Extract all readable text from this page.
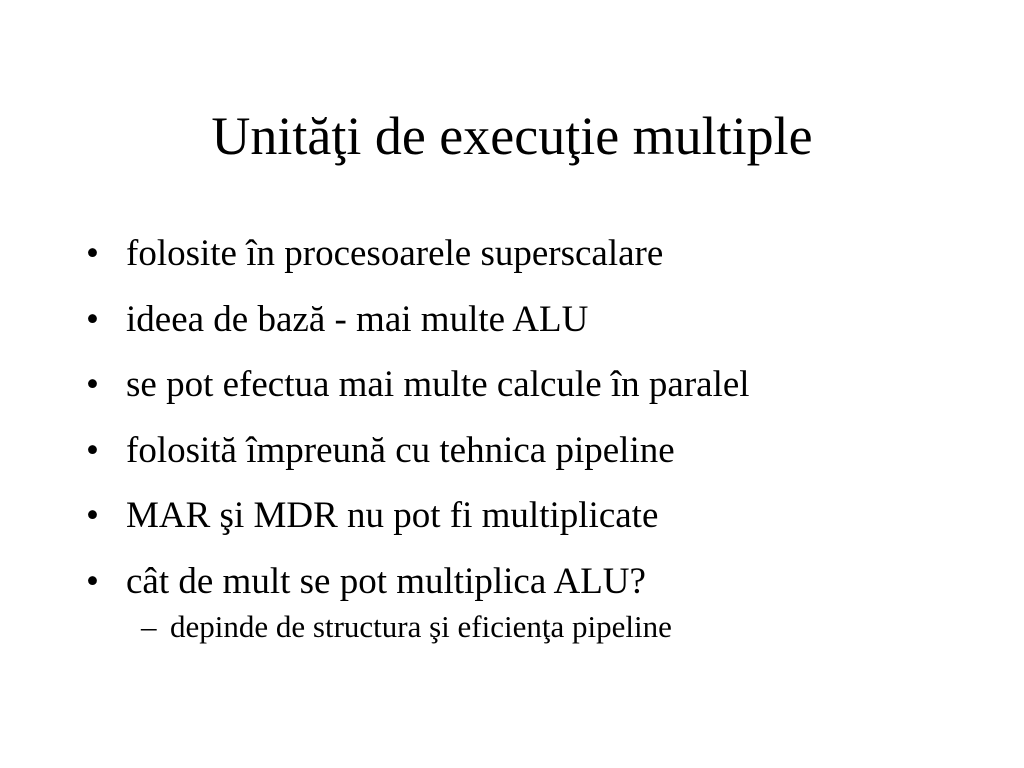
Unităţi de execuţie multiple
• folosite în procesoarele superscalare
• ideea de bază - mai multe ALU
• se pot efectua mai multe calcule în paralel
• folosită împreună cu tehnica pipeline
• MAR şi MDR nu pot fi multiplicate
• cât de mult se pot multiplica ALU?
– depinde de structura şi eficienţa pipeline
